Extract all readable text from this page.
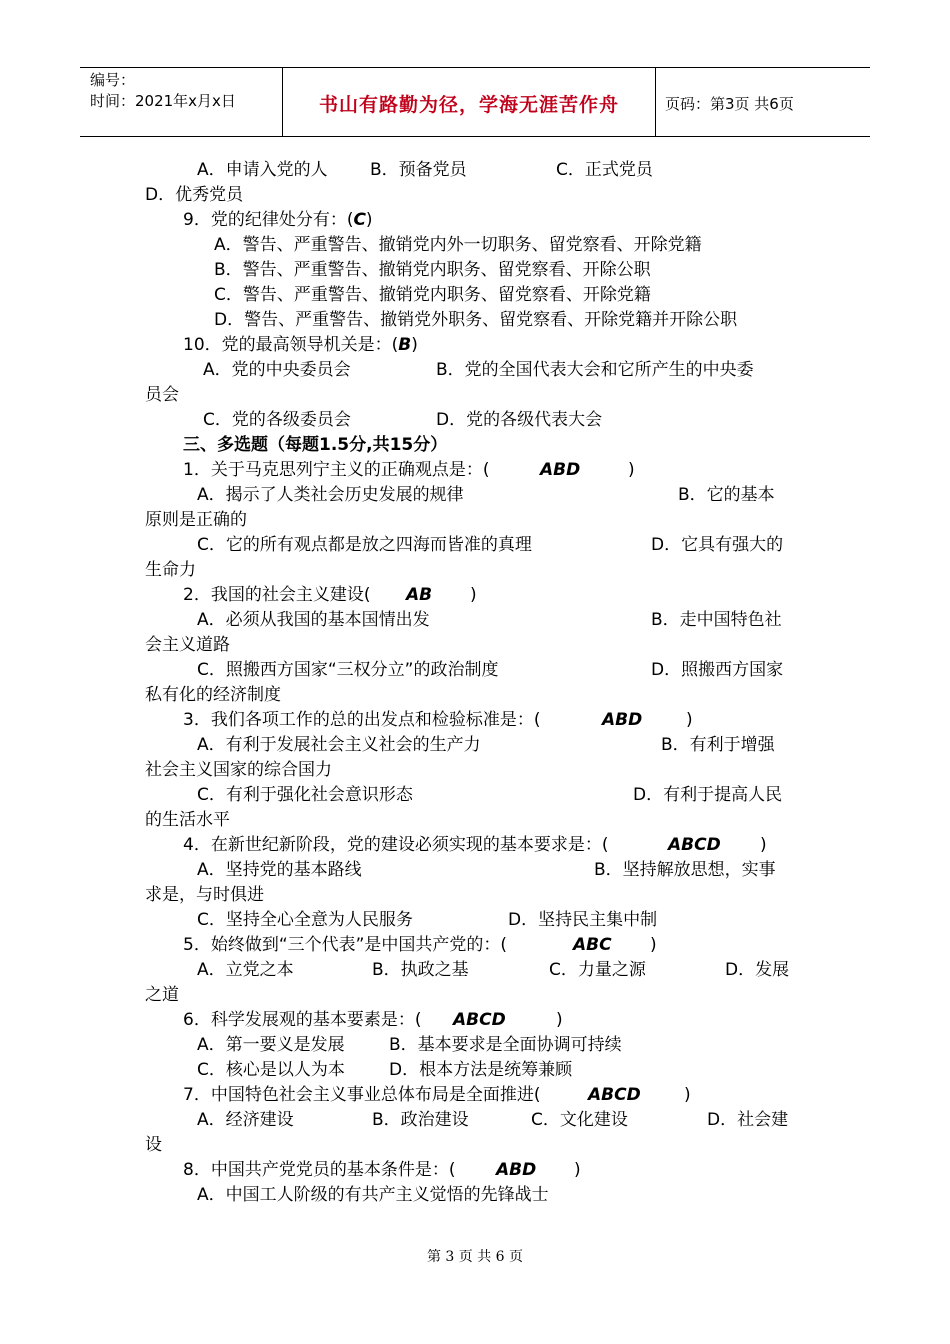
编号：
时间：2021年x月x日	书山有路勤为径，学海无涯苦作舟	页码：第3页 共6页
A．申请入党的人 B．预备党员	C．正式党员
D．优秀党员
9．党的纪律处分有：( C )
A．警告、严重警告、撤销党内外一切职务、留党察看、开除党籍
B．警告、严重警告、撤销党内职务、留党察看、开除公职
C．警告、严重警告、撤销党内职务、留党察看、开除党籍
D．警告、严重警告、撤销党外职务、留党察看、开除党籍并开除公职
10．党的最高领导机关是：( B )
A．党的中央委员会	B．党的全国代表大会和它所产生的中央委
员会
C．党的各级委员会	D．党的各级代表大会
三、多选题（每题1.5分,共15分）
1．关于马克思列宁主义的正确观点是：(	ABD	)
A．揭示了人类社会历史发展的规律	B．它的基本
原则是正确的
C．它的所有观点都是放之四海而皆准的真理	D．它具有强大的
生命力
2．我国的社会主义建设( AB )
A．必须从我国的基本国情出发	B．走中国特色社
会主义道路
C．照搬西方国家“三权分立”的政治制度	D．照搬西方国家
私有化的经济制度
3．我们各项工作的总的出发点和检验标准是：(	ABD	)
A．有利于发展社会主义社会的生产力	B．有利于增强
社会主义国家的综合国力
C．有利于强化社会意识形态	D．有利于提高人民
的生活水平
4．在新世纪新阶段，党的建设必须实现的基本要求是：(	ABCD )
A．坚持党的基本路线	B．坚持解放思想，实事
求是，与时俱进
C．坚持全心全意为人民服务	D．坚持民主集中制
5．始终做到“三个代表”是中国共产党的：(	ABC )
A．立党之本	B．执政之基	C．力量之源	D．发展
之道
6．科学发展观的基本要素是：( ABCD	)
A．第一要义是发展	B．基本要求是全面协调可持续
C．核心是以人为本	D．根本方法是统筹兼顾
7．中国特色社会主义事业总体布局是全面推进(	ABCD	)
A．经济建设	B．政治建设	C．文化建设	D．社会建
设
8．中国共产党党员的基本条件是：( ABD )
A．中国工人阶级的有共产主义觉悟的先锋战士
第 3 页 共 6 页
